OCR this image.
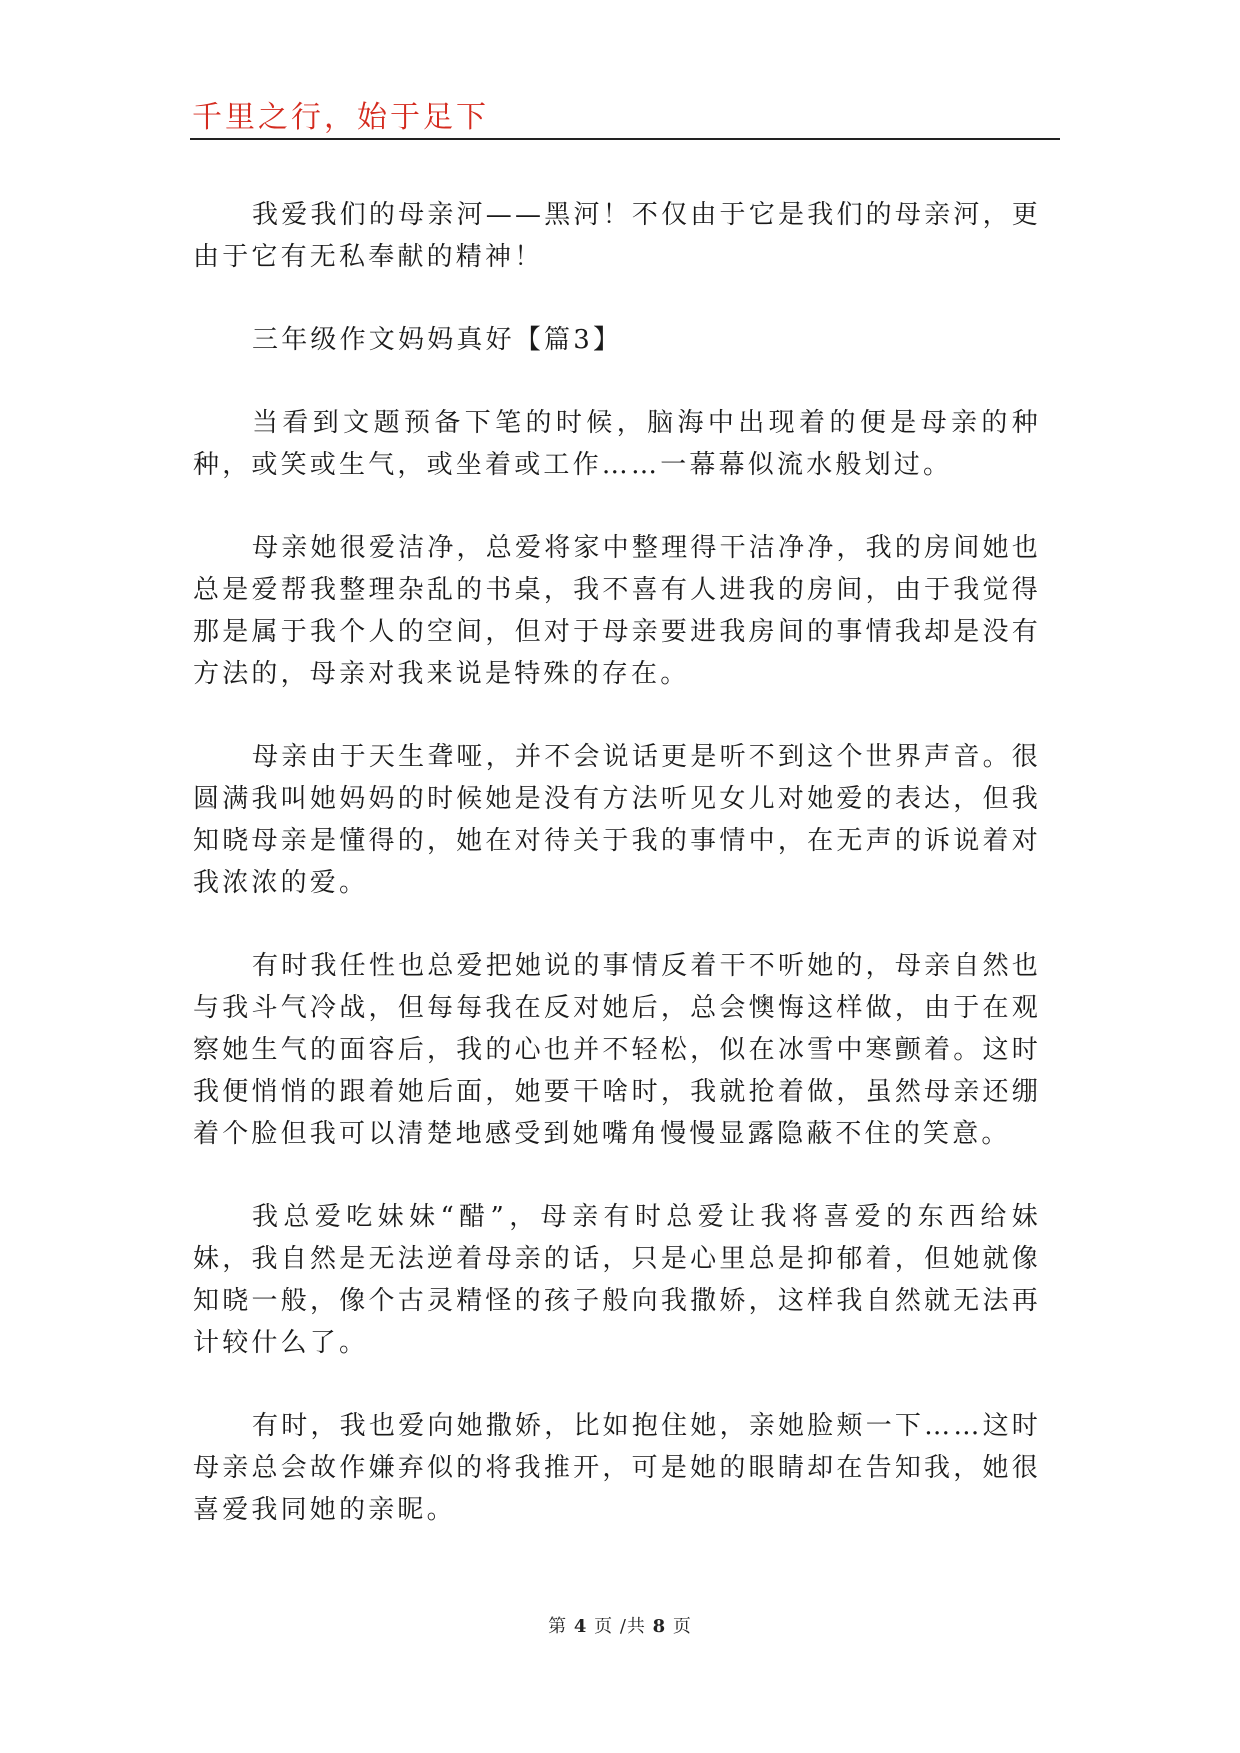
千里之行，始于足下

我爱我们的母亲河——黑河！不仅由于它是我们的母亲河，更由于它有无私奉献的精神！

三年级作文妈妈真好【篇3】

当看到文题预备下笔的时候，脑海中出现着的便是母亲的种种，或笑或生气，或坐着或工作……一幕幕似流水般划过。

母亲她很爱洁净，总爱将家中整理得干洁净净，我的房间她也总是爱帮我整理杂乱的书桌，我不喜有人进我的房间，由于我觉得那是属于我个人的空间，但对于母亲要进我房间的事情我却是没有方法的，母亲对我来说是特殊的存在。

母亲由于天生聋哑，并不会说话更是听不到这个世界声音。很圆满我叫她妈妈的时候她是没有方法听见女儿对她爱的表达，但我知晓母亲是懂得的，她在对待关于我的事情中，在无声的诉说着对我浓浓的爱。

有时我任性也总爱把她说的事情反着干不听她的，母亲自然也与我斗气冷战，但每每我在反对她后，总会懊悔这样做，由于在观察她生气的面容后，我的心也并不轻松，似在冰雪中寒颤着。这时我便悄悄的跟着她后面，她要干啥时，我就抢着做，虽然母亲还绷着个脸但我可以清楚地感受到她嘴角慢慢显露隐蔽不住的笑意。

我总爱吃妹妹“醋”，母亲有时总爱让我将喜爱的东西给妹妹，我自然是无法逆着母亲的话，只是心里总是抑郁着，但她就像知晓一般，像个古灵精怪的孩子般向我撒娇，这样我自然就无法再计较什么了。

有时，我也爱向她撒娇，比如抱住她，亲她脸颊一下……这时母亲总会故作嫌弃似的将我推开，可是她的眼睛却在告知我，她很喜爱我同她的亲昵。

第 4 页 /共 8 页
